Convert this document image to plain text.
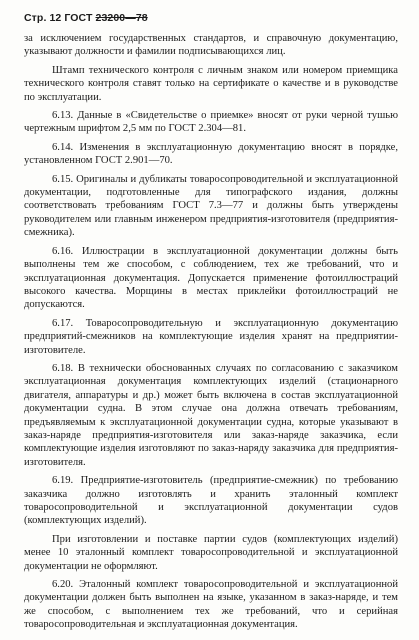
Стр. 12 ГОСТ 23200—78

за исключением государственных стандартов, и справочную документацию, указывают должности и фамилии подписывающихся лиц.

Штамп технического контроля с личным знаком или номером приемщика технического контроля ставят только на сертификате о качестве и в руководстве по эксплуатации.

6.13. Данные в «Свидетельстве о приемке» вносят от руки черной тушью чертежным шрифтом 2,5 мм по ГОСТ 2.304—81.

6.14. Изменения в эксплуатационную документацию вносят в порядке, установленном ГОСТ 2.901—70.

6.15. Оригиналы и дубликаты товаросопроводительной и эксплуатационной документации, подготовленные для типографского издания, должны соответствовать требованиям ГОСТ 7.3—77 и должны быть утверждены руководителем или главным инженером предприятия-изготовителя (предприятия-смежника).

6.16. Иллюстрации в эксплуатационной документации должны быть выполнены тем же способом, с соблюдением, тех же требований, что и эксплуатационная документация. Допускается применение фотоиллюстраций высокого качества. Морщины в местах приклейки фотоиллюстраций не допускаются.

6.17. Товаросопроводительную и эксплуатационную документацию предприятий-смежников на комплектующие изделия хранят на предприятии-изготовителе.

6.18. В технически обоснованных случаях по согласованию с заказчиком эксплуатационная документация комплектующих изделий (стационарного двигателя, аппаратуры и др.) может быть включена в состав эксплуатационной документации судна. В этом случае она должна отвечать требованиям, предъявляемым к эксплуатационной документации судна, которые указывают в заказ-наряде предприятия-изготовителя или заказ-наряде заказчика, если комплектующие изделия изготовляют по заказ-наряду заказчика для предприятия-изготовителя.

6.19. Предприятие-изготовитель (предприятие-смежник) по требованию заказчика должно изготовлять и хранить эталонный комплект товаросопроводительной и эксплуатационной документации судов (комплектующих изделий).

При изготовлении и поставке партии судов (комплектующих изделий) менее 10 эталонный комплект товаросопроводительной и эксплуатационной документации не оформляют.

6.20. Эталонный комплект товаросопроводительной и эксплуатационной документации должен быть выполнен на языке, указанном в заказ-наряде, и тем же способом, с выполнением тех же требований, что и серийная товаросопроводительная и эксплуатационная документация.
